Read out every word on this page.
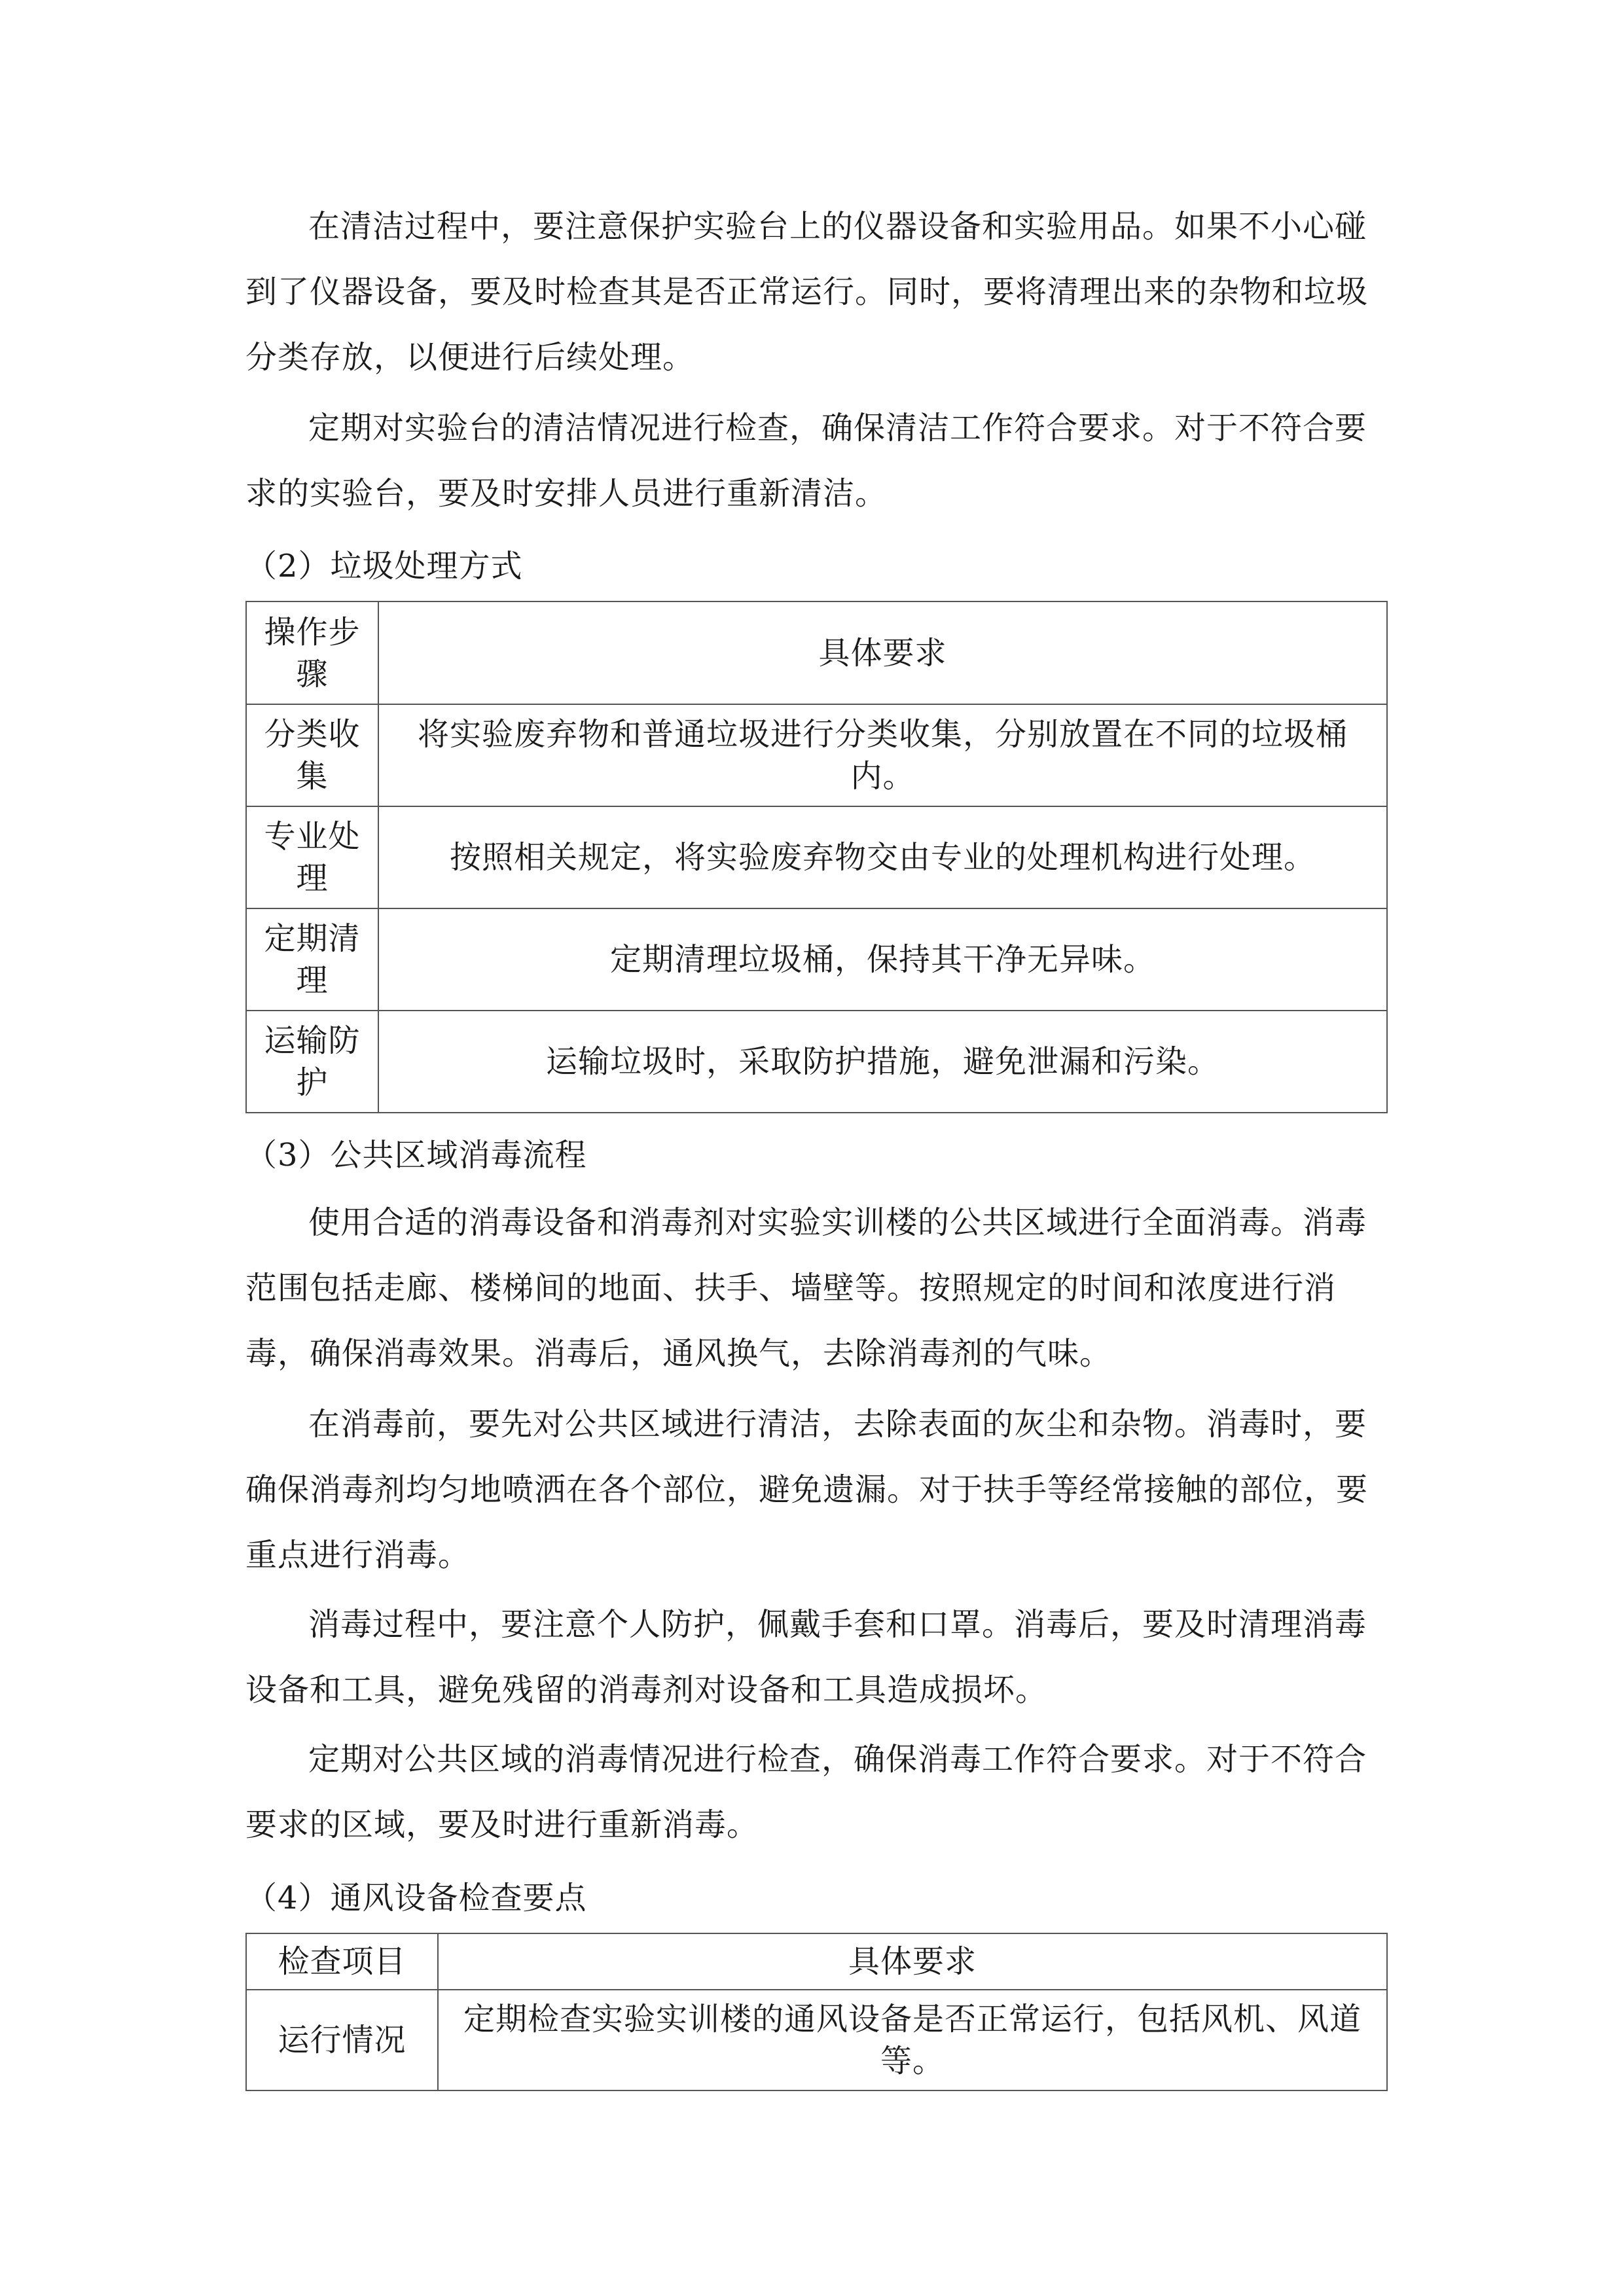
在清洁过程中，要注意保护实验台上的仪器设备和实验用品。如果不小心碰到了仪器设备，要及时检查其是否正常运行。同时，要将清理出来的杂物和垃圾分类存放，以便进行后续处理。

定期对实验台的清洁情况进行检查，确保清洁工作符合要求。对于不符合要求的实验台，要及时安排人员进行重新清洁。

（2）垃圾处理方式
操作步骤	具体要求
分类收集	将实验废弃物和普通垃圾进行分类收集，分别放置在不同的垃圾桶内。
专业处理	按照相关规定，将实验废弃物交由专业的处理机构进行处理。
定期清理	定期清理垃圾桶，保持其干净无异味。
运输防护	运输垃圾时，采取防护措施，避免泄漏和污染。
（3）公共区域消毒流程

使用合适的消毒设备和消毒剂对实验实训楼的公共区域进行全面消毒。消毒范围包括走廊、楼梯间的地面、扶手、墙壁等。按照规定的时间和浓度进行消毒，确保消毒效果。消毒后，通风换气，去除消毒剂的气味。

在消毒前，要先对公共区域进行清洁，去除表面的灰尘和杂物。消毒时，要确保消毒剂均匀地喷洒在各个部位，避免遗漏。对于扶手等经常接触的部位，要重点进行消毒。

消毒过程中，要注意个人防护，佩戴手套和口罩。消毒后，要及时清理消毒设备和工具，避免残留的消毒剂对设备和工具造成损坏。

定期对公共区域的消毒情况进行检查，确保消毒工作符合要求。对于不符合要求的区域，要及时进行重新消毒。

（4）通风设备检查要点
检查项目	具体要求
运行情况	定期检查实验实训楼的通风设备是否正常运行，包括风机、风道等。
